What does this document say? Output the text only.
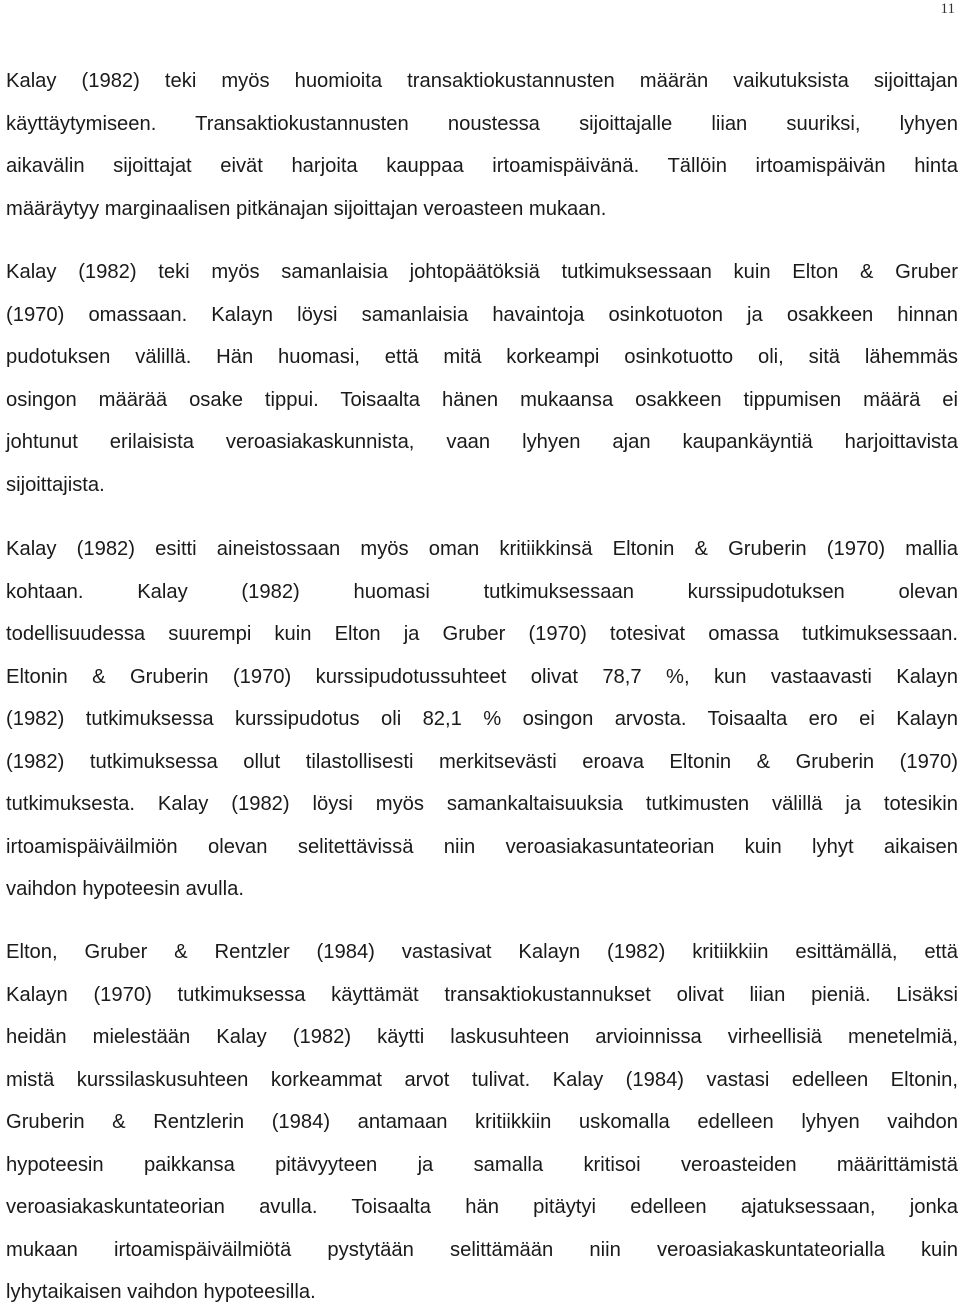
11
Kalay (1982) teki myös huomioita transaktiokustannusten määrän vaikutuksista sijoittajan
käyttäytymiseen. Transaktiokustannusten noustessa sijoittajalle liian suuriksi, lyhyen
aikavälin sijoittajat eivät harjoita kauppaa irtoamispäivänä. Tällöin irtoamispäivän hinta
määräytyy marginaalisen pitkänajan sijoittajan veroasteen mukaan.
Kalay (1982) teki myös samanlaisia johtopäätöksiä tutkimuksessaan kuin Elton & Gruber
(1970) omassaan. Kalayn löysi samanlaisia havaintoja osinkotuoton ja osakkeen hinnan
pudotuksen välillä. Hän huomasi, että mitä korkeampi osinkotuotto oli, sitä lähemmäs
osingon määrää osake tippui. Toisaalta hänen mukaansa osakkeen tippumisen määrä ei
johtunut erilaisista veroasiakaskunnista, vaan lyhyen ajan kaupankäyntiä harjoittavista
sijoittajista.
Kalay (1982) esitti aineistossaan myös oman kritiikkinsä Eltonin & Gruberin (1970) mallia
kohtaan. Kalay (1982) huomasi tutkimuksessaan kurssipudotuksen olevan
todellisuudessa suurempi kuin Elton ja Gruber (1970) totesivat omassa tutkimuksessaan.
Eltonin & Gruberin (1970) kurssipudotussuhteet olivat 78,7 %, kun vastaavasti Kalayn
(1982) tutkimuksessa kurssipudotus oli 82,1 % osingon arvosta. Toisaalta ero ei Kalayn
(1982) tutkimuksessa ollut tilastollisesti merkitsevästi eroava Eltonin & Gruberin (1970)
tutkimuksesta. Kalay (1982) löysi myös samankaltaisuuksia tutkimusten välillä ja totesikin
irtoamispäiväilmiön olevan selitettävissä niin veroasiakasuntateorian kuin lyhyt aikaisen
vaihdon hypoteesin avulla.
Elton, Gruber & Rentzler (1984) vastasivat Kalayn (1982) kritiikkiin esittämällä, että
Kalayn (1970) tutkimuksessa käyttämät transaktiokustannukset olivat liian pieniä. Lisäksi
heidän mielestään Kalay (1982) käytti laskusuhteen arvioinnissa virheellisiä menetelmiä,
mistä kurssilaskusuhteen korkeammat arvot tulivat. Kalay (1984) vastasi edelleen Eltonin,
Gruberin & Rentzlerin (1984) antamaan kritiikkiin uskomalla edelleen lyhyen vaihdon
hypoteesin paikkansa pitävyyteen ja samalla kritisoi veroasteiden määrittämistä
veroasiakaskuntateorian avulla. Toisaalta hän pitäytyi edelleen ajatuksessaan, jonka
mukaan irtoamispäiväilmiötä pystytään selittämään niin veroasiakaskuntateorialla kuin
lyhytaikaisen vaihdon hypoteesilla.
